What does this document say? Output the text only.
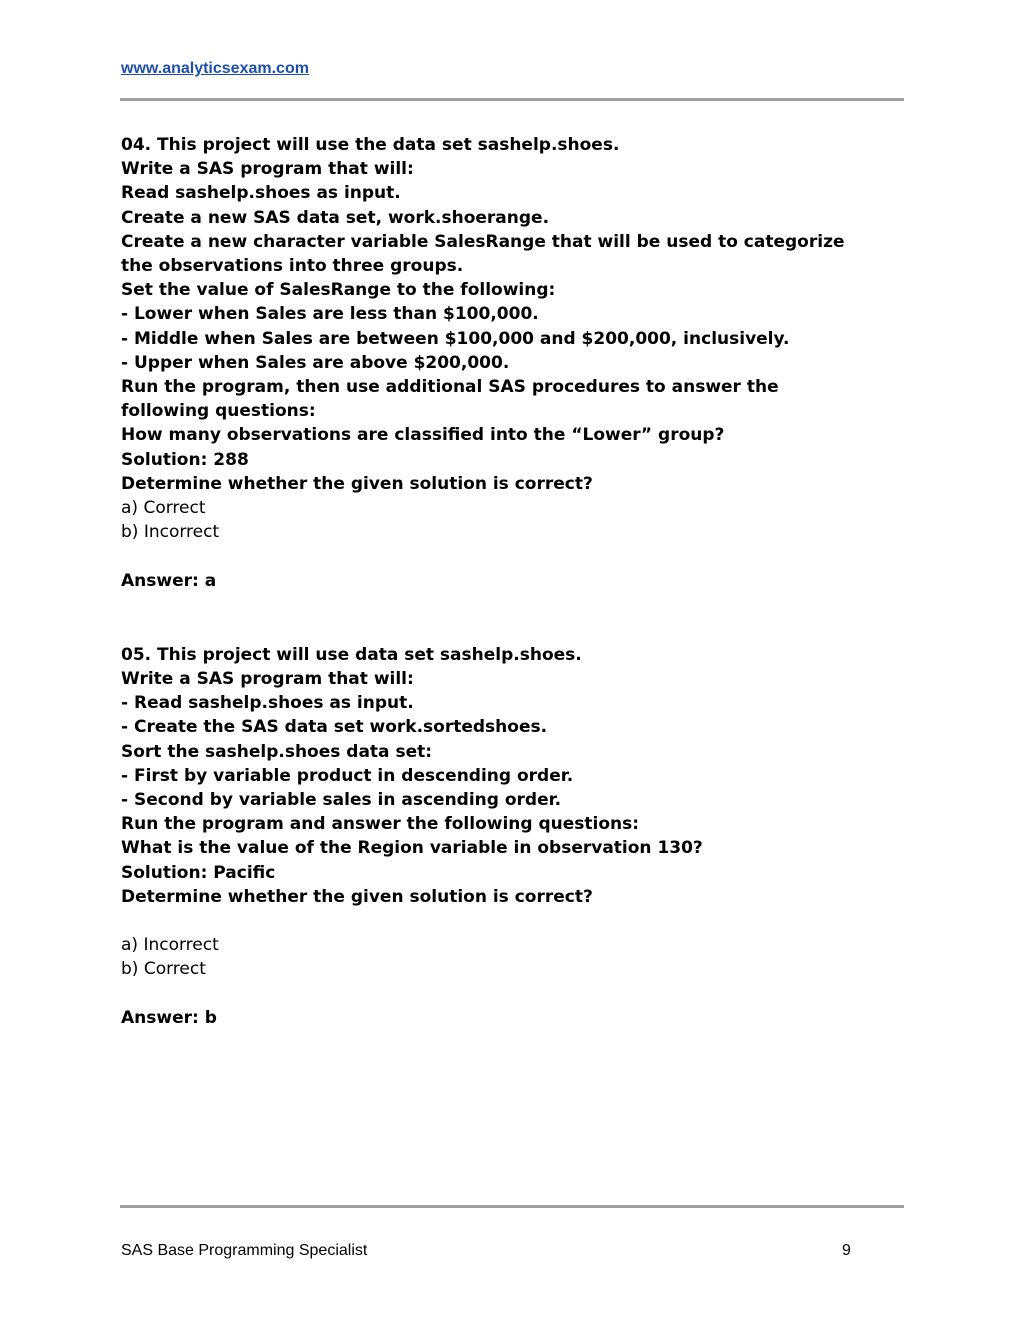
www.analyticsexam.com
04. This project will use the data set sashelp.shoes.
Write a SAS program that will:
Read sashelp.shoes as input.
Create a new SAS data set, work.shoerange.
Create a new character variable SalesRange that will be used to categorize
the observations into three groups.
Set the value of SalesRange to the following:
- Lower when Sales are less than $100,000.
- Middle when Sales are between $100,000 and $200,000, inclusively.
- Upper when Sales are above $200,000.
Run the program, then use additional SAS procedures to answer the
following questions:
How many observations are classified into the “Lower” group?
Solution: 288
Determine whether the given solution is correct?
a) Correct
b) Incorrect
Answer: a
05. This project will use data set sashelp.shoes.
Write a SAS program that will:
- Read sashelp.shoes as input.
- Create the SAS data set work.sortedshoes.
Sort the sashelp.shoes data set:
- First by variable product in descending order.
- Second by variable sales in ascending order.
Run the program and answer the following questions:
What is the value of the Region variable in observation 130?
Solution: Pacific
Determine whether the given solution is correct?
a) Incorrect
b) Correct
Answer: b
SAS Base Programming Specialist	9
